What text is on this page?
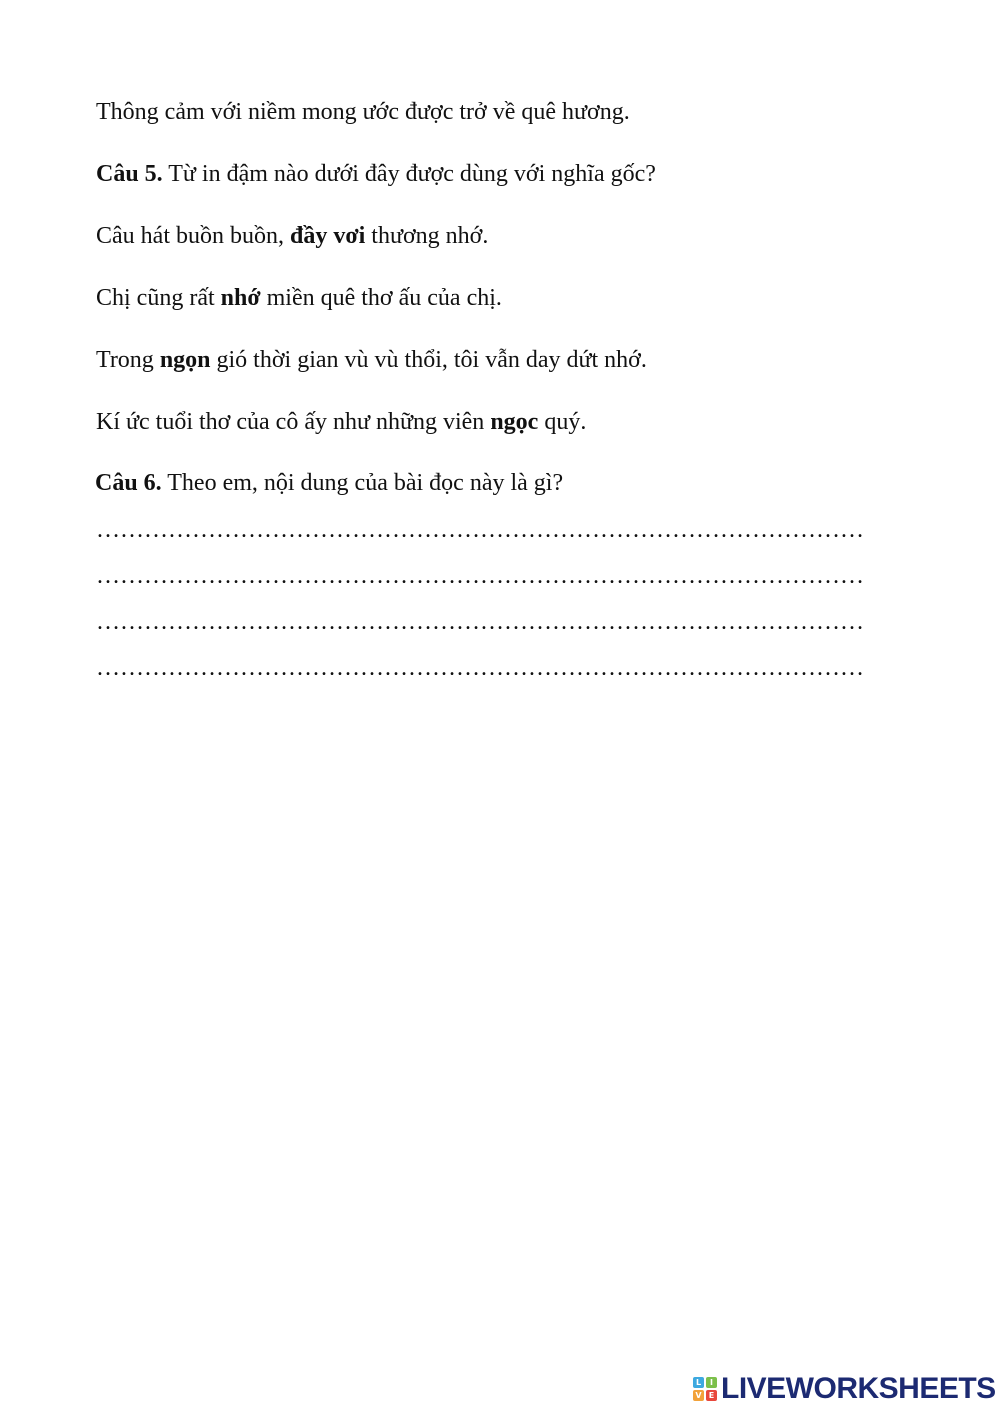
Thông cảm với niềm mong ước được trở về quê hương.
Câu 5. Từ in đậm nào dưới đây được dùng với nghĩa gốc?
Câu hát buồn buồn, đầy vơi thương nhớ.
Chị cũng rất nhớ miền quê thơ ấu của chị.
Trong ngọn gió thời gian vù vù thổi, tôi vẫn day dứt nhớ.
Kí ức tuổi thơ của cô ấy như những viên ngọc quý.
Câu 6. Theo em, nội dung của bài đọc này là gì?
……………………………………………………………………………………
……………………………………………………………………………………
……………………………………………………………………………………
……………………………………………………………………………………
L	I
V E LIVEWORKSHEETS
